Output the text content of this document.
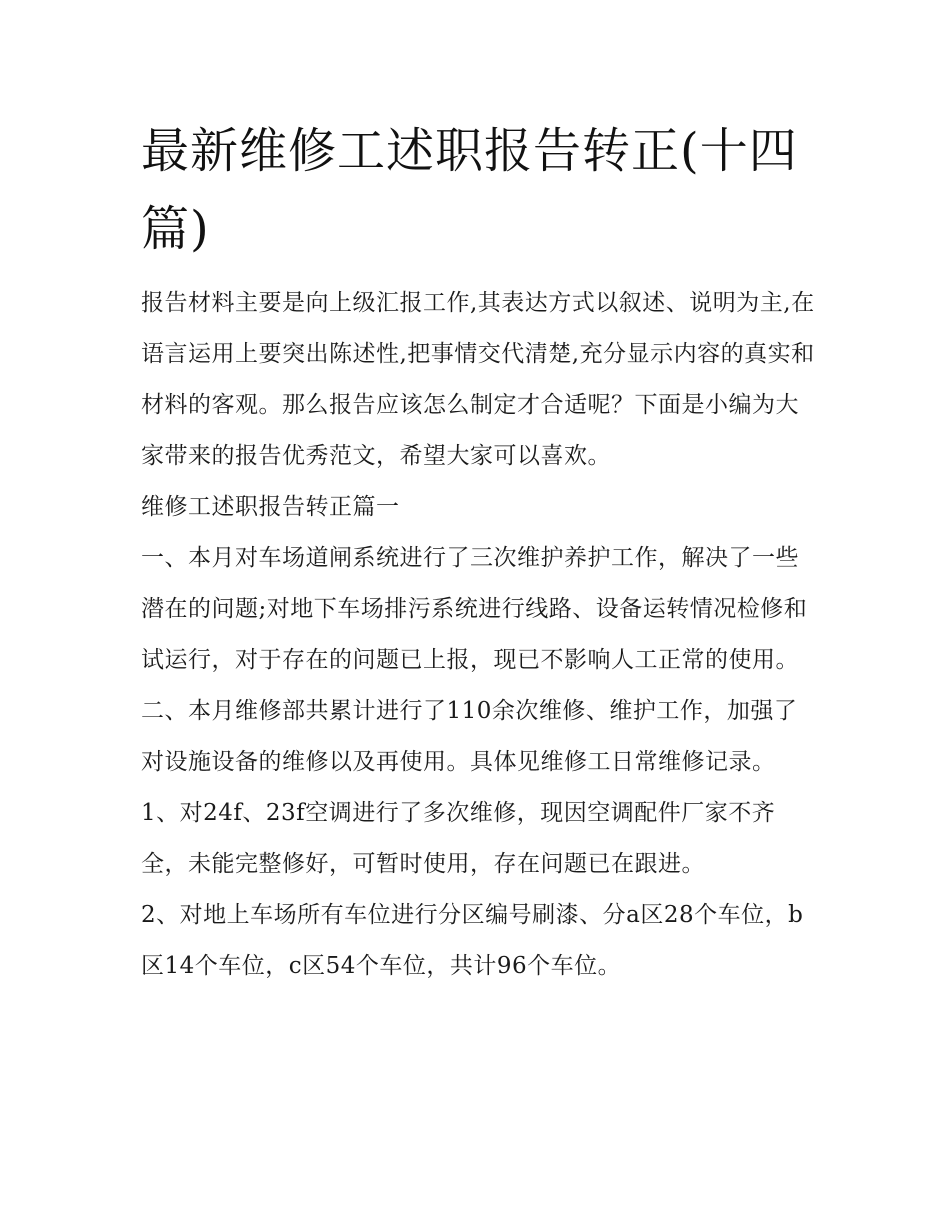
最新维修工述职报告转正(十四篇)

报告材料主要是向上级汇报工作,其表达方式以叙述、说明为主,在语言运用上要突出陈述性,把事情交代清楚,充分显示内容的真实和材料的客观。那么报告应该怎么制定才合适呢？下面是小编为大家带来的报告优秀范文，希望大家可以喜欢。

维修工述职报告转正篇一

一、本月对车场道闸系统进行了三次维护养护工作，解决了一些潜在的问题;对地下车场排污系统进行线路、设备运转情况检修和试运行，对于存在的问题已上报，现已不影响人工正常的使用。

二、本月维修部共累计进行了110余次维修、维护工作，加强了对设施设备的维修以及再使用。具体见维修工日常维修记录。

1、对24f、23f空调进行了多次维修，现因空调配件厂家不齐全，未能完整修好，可暂时使用，存在问题已在跟进。

2、对地上车场所有车位进行分区编号刷漆、分a区28个车位，b区14个车位，c区54个车位，共计96个车位。
